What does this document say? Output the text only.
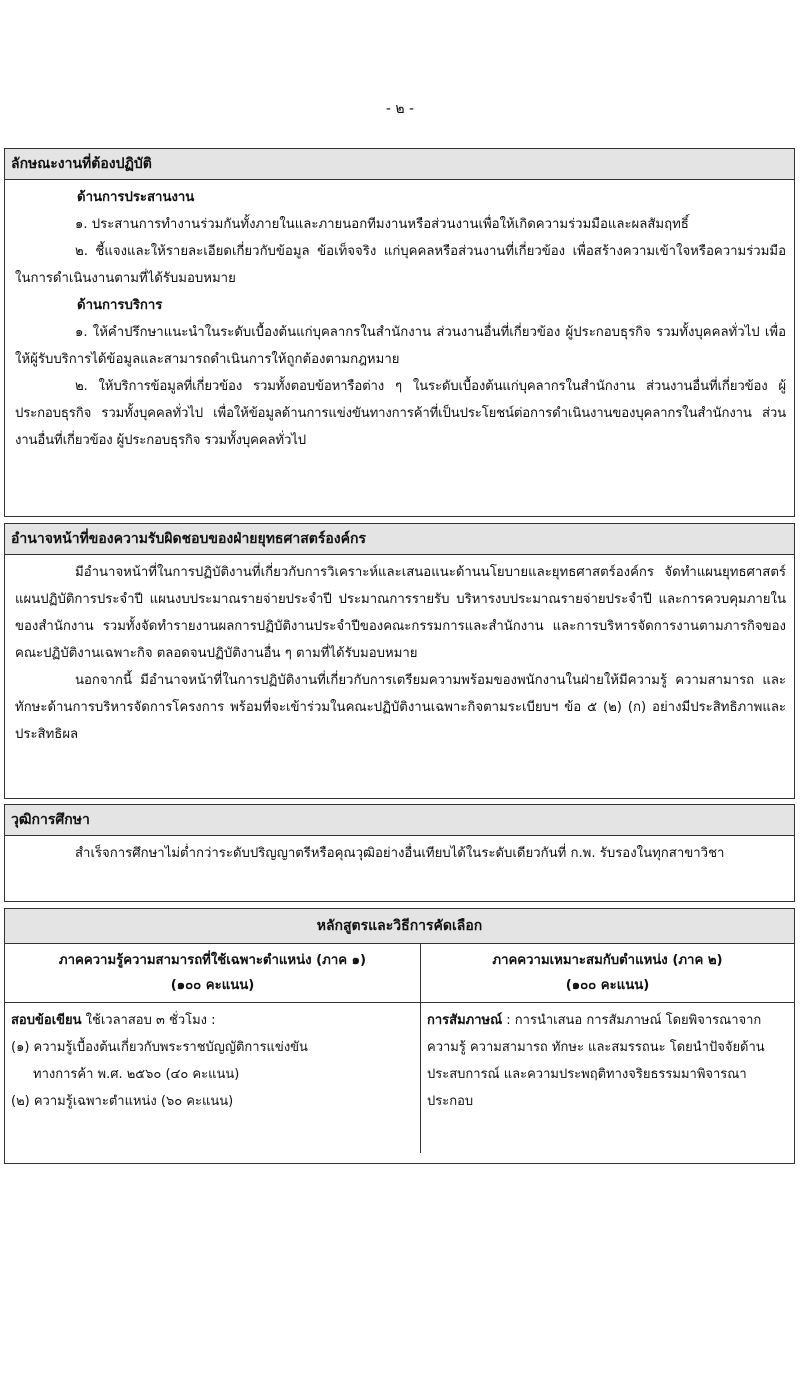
- ๒ -
ลักษณะงานที่ต้องปฏิบัติ

ด้านการประสานงาน

๑. ประสานการทำงานร่วมกันทั้งภายในและภายนอกทีมงานหรือส่วนงานเพื่อให้เกิดความร่วมมือและผลสัมฤทธิ์

๒. ชี้แจงและให้รายละเอียดเกี่ยวกับข้อมูล ข้อเท็จจริง แก่บุคคลหรือส่วนงานที่เกี่ยวข้อง เพื่อสร้างความเข้าใจหรือความร่วมมือในการดำเนินงานตามที่ได้รับมอบหมาย

ด้านการบริการ

๑. ให้คำปรึกษาแนะนำในระดับเบื้องต้นแก่บุคลากรในสำนักงาน ส่วนงานอื่นที่เกี่ยวข้อง ผู้ประกอบธุรกิจ รวมทั้งบุคคลทั่วไป เพื่อให้ผู้รับบริการได้ข้อมูลและสามารถดำเนินการให้ถูกต้องตามกฎหมาย

๒. ให้บริการข้อมูลที่เกี่ยวข้อง รวมทั้งตอบข้อหารือต่าง ๆ ในระดับเบื้องต้นแก่บุคลากรในสำนักงาน ส่วนงานอื่นที่เกี่ยวข้อง ผู้ประกอบธุรกิจ รวมทั้งบุคคลทั่วไป เพื่อให้ข้อมูลด้านการแข่งขันทางการค้าที่เป็นประโยชน์ต่อการดำเนินงานของบุคลากรในสำนักงาน ส่วนงานอื่นที่เกี่ยวข้อง ผู้ประกอบธุรกิจ รวมทั้งบุคคลทั่วไป

อำนาจหน้าที่ของความรับผิดชอบของฝ่ายยุทธศาสตร์องค์กร

มีอำนาจหน้าที่ในการปฏิบัติงานที่เกี่ยวกับการวิเคราะห์และเสนอแนะด้านนโยบายและยุทธศาสตร์องค์กร จัดทำแผนยุทธศาสตร์ แผนปฏิบัติการประจำปี แผนงบประมาณรายจ่ายประจำปี ประมาณการรายรับ บริหารงบประมาณรายจ่ายประจำปี และการควบคุมภายในของสำนักงาน รวมทั้งจัดทำรายงานผลการปฏิบัติงานประจำปีของคณะกรรมการและสำนักงาน และการบริหารจัดการงานตามภารกิจของคณะปฏิบัติงานเฉพาะกิจ ตลอดจนปฏิบัติงานอื่น ๆ ตามที่ได้รับมอบหมาย

นอกจากนี้ มีอำนาจหน้าที่ในการปฏิบัติงานที่เกี่ยวกับการเตรียมความพร้อมของพนักงานในฝ่ายให้มีความรู้ ความสามารถ และทักษะด้านการบริหารจัดการโครงการ พร้อมที่จะเข้าร่วมในคณะปฏิบัติงานเฉพาะกิจตามระเบียบฯ ข้อ ๕ (๒) (ก) อย่างมีประสิทธิภาพและประสิทธิผล

วุฒิการศึกษา

สำเร็จการศึกษาไม่ต่ำกว่าระดับปริญญาตรีหรือคุณวุฒิอย่างอื่นเทียบได้ในระดับเดียวกันที่ ก.พ. รับรองในทุกสาขาวิชา

หลักสูตรและวิธีการคัดเลือก
ภาคความรู้ความสามารถที่ใช้เฉพาะตำแหน่ง (ภาค ๑)
(๑๐๐ คะแนน)
สอบข้อเขียน ใช้เวลาสอบ ๓ ชั่วโมง :
(๑) ความรู้เบื้องต้นเกี่ยวกับพระราชบัญญัติการแข่งขัน
ทางการค้า พ.ศ. ๒๕๖๐ (๔๐ คะแนน)
(๒) ความรู้เฉพาะตำแหน่ง (๖๐ คะแนน)
ภาคความเหมาะสมกับตำแหน่ง (ภาค ๒)
(๑๐๐ คะแนน)
การสัมภาษณ์ : การนำเสนอ การสัมภาษณ์ โดยพิจารณาจากความรู้ ความสามารถ ทักษะ และสมรรถนะ โดยนำปัจจัยด้านประสบการณ์ และความประพฤติทางจริยธรรมมาพิจารณาประกอบ
